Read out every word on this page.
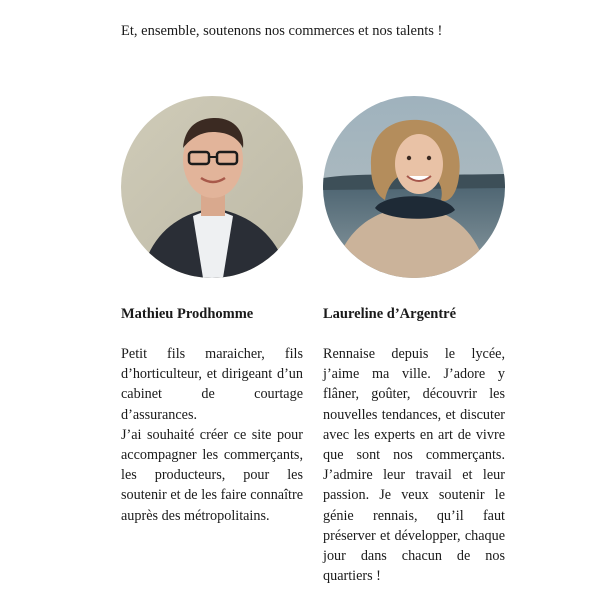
Et, ensemble, soutenons nos commerces et nos talents !
Mathieu Prodhomme

Petit fils maraicher, fils d’horticulteur, et dirigeant d’un cabinet de courtage d’assurances.

J’ai souhaité créer ce site pour accompagner les commerçants, les producteurs, pour les soutenir et de les faire connaître auprès des métropolitains.

Laureline d’Argentré

Rennaise depuis le lycée, j’aime ma ville. J’adore y flâner, goûter, découvrir les nouvelles tendances, et discuter avec les experts en art de vivre que sont nos commerçants. J’admire leur travail et leur passion. Je veux soutenir le génie rennais, qu’il faut préserver et développer, chaque jour dans chacun de nos quartiers !
